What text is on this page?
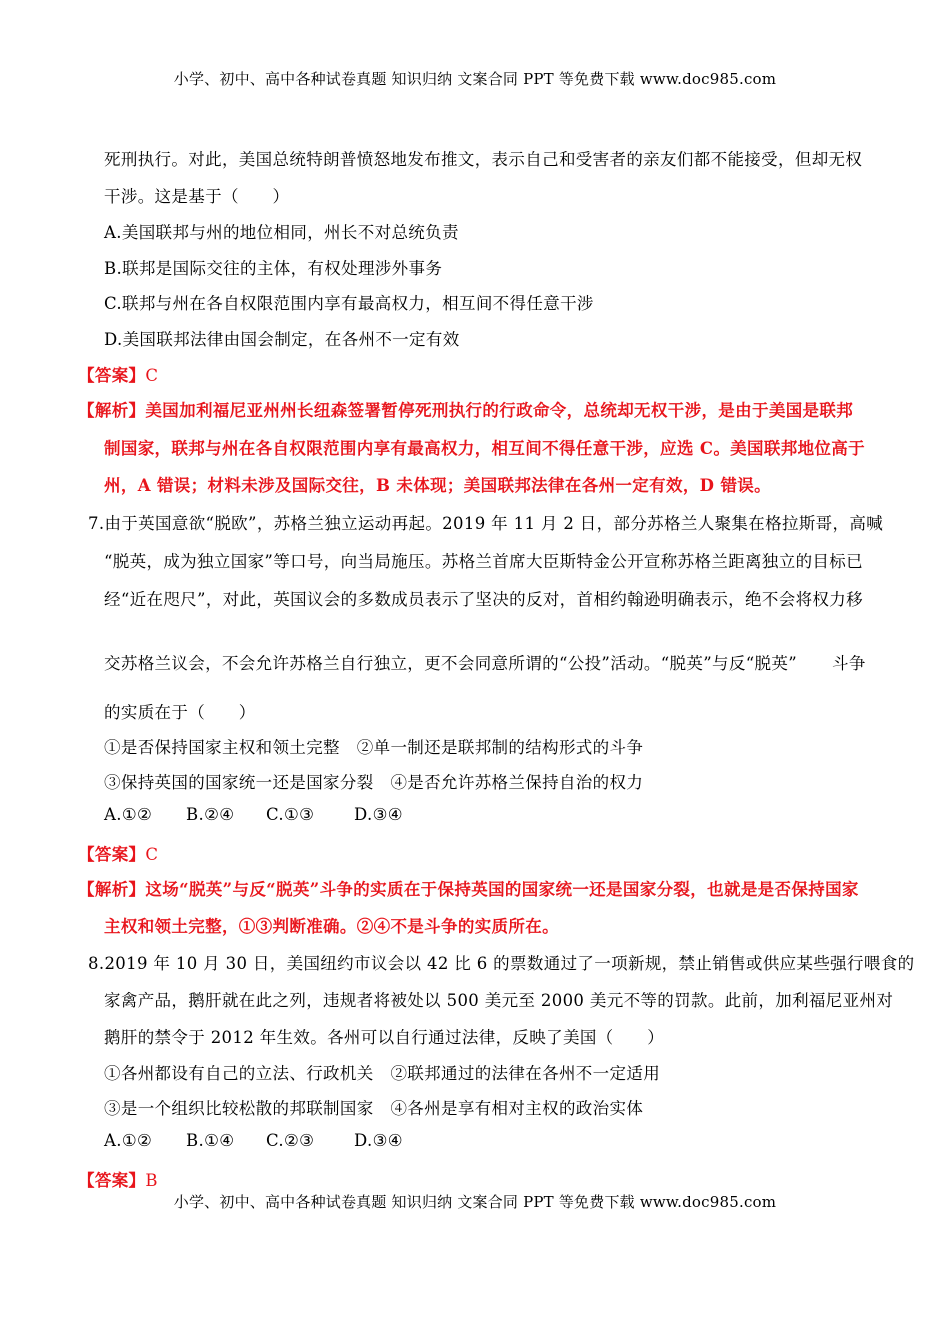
小学、初中、高中各种试卷真题 知识归纳 文案合同 PPT 等免费下载 www.doc985.com
死刑执行。对此，美国总统特朗普愤怒地发布推文，表示自己和受害者的亲友们都不能接受，但却无权
干涉。这是基于（　　）
A.美国联邦与州的地位相同，州长不对总统负责
B.联邦是国际交往的主体，有权处理涉外事务
C.联邦与州在各自权限范围内享有最高权力，相互间不得任意干涉
D.美国联邦法律由国会制定，在各州不一定有效
【答案】C
【解析】美国加利福尼亚州州长纽森签署暂停死刑执行的行政命令，总统却无权干涉，是由于美国是联邦
制国家，联邦与州在各自权限范围内享有最高权力，相互间不得任意干涉，应选 C。美国联邦地位高于
州，A 错误；材料未涉及国际交往，B 未体现；美国联邦法律在各州一定有效，D 错误。
7.由于英国意欲“脱欧”，苏格兰独立运动再起。2019 年 11 月 2 日，部分苏格兰人聚集在格拉斯哥，高喊
“脱英，成为独立国家”等口号，向当局施压。苏格兰首席大臣斯特金公开宣称苏格兰距离独立的目标已
经“近在咫尺”，对此，英国议会的多数成员表示了坚决的反对，首相约翰逊明确表示，绝不会将权力移
交苏格兰议会，不会允许苏格兰自行独立，更不会同意所谓的“公投”活动。“脱英”与反“脱英” 斗争
的实质在于（　　）
①是否保持国家主权和领土完整　②单一制还是联邦制的结构形式的斗争
③保持英国的国家统一还是国家分裂　④是否允许苏格兰保持自治的权力
A.①② B.②④ C.①③ D.③④
【答案】C
【解析】这场“脱英”与反“脱英”斗争的实质在于保持英国的国家统一还是国家分裂，也就是是否保持国家
主权和领土完整，①③判断准确。②④不是斗争的实质所在。
8.2019 年 10 月 30 日，美国纽约市议会以 42 比 6 的票数通过了一项新规，禁止销售或供应某些强行喂食的
家禽产品，鹅肝就在此之列，违规者将被处以 500 美元至 2000 美元不等的罚款。此前，加利福尼亚州对
鹅肝的禁令于 2012 年生效。各州可以自行通过法律，反映了美国（　　）
①各州都设有自己的立法、行政机关　②联邦通过的法律在各州不一定适用
③是一个组织比较松散的邦联制国家　④各州是享有相对主权的政治实体
A.①② B.①④ C.②③ D.③④
【答案】B
小学、初中、高中各种试卷真题 知识归纳 文案合同 PPT 等免费下载 www.doc985.com
